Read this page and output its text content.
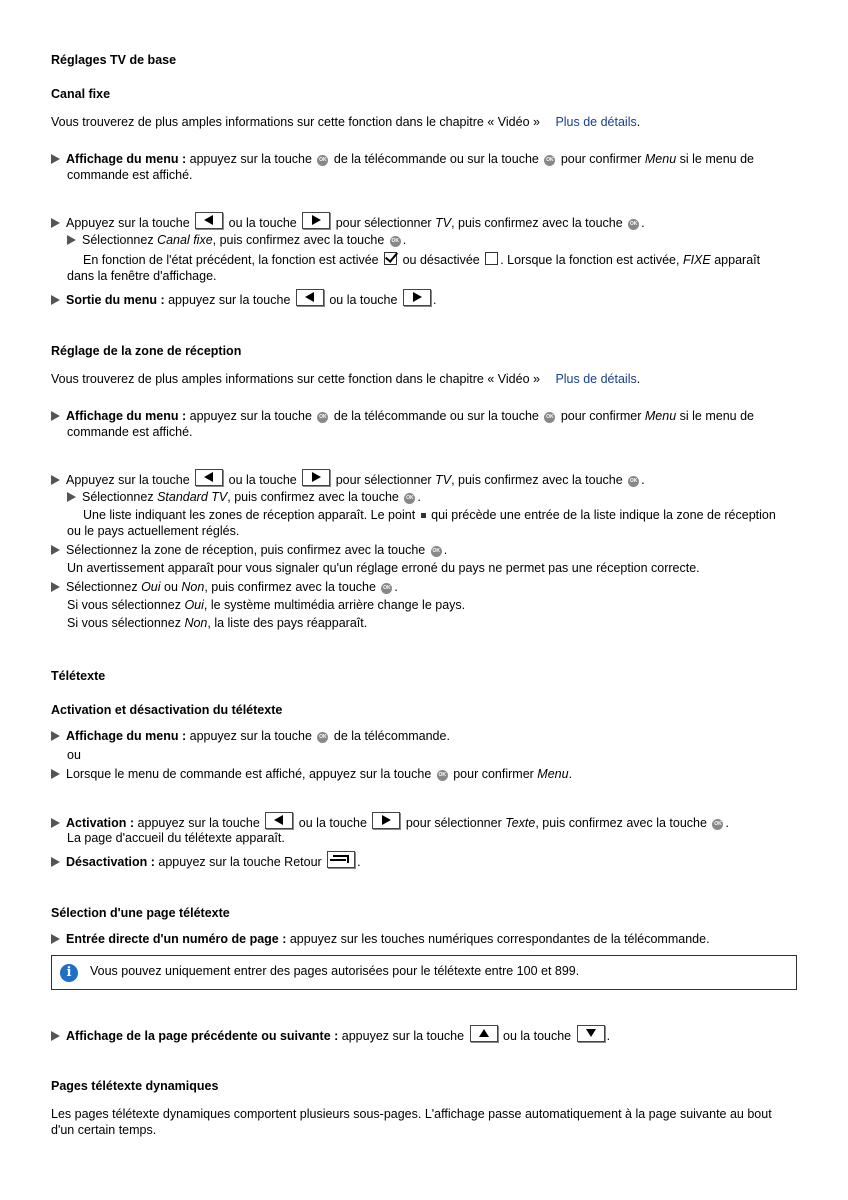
Réglages TV de base
Canal fixe
Vous trouverez de plus amples informations sur cette fonction dans le chapitre « Vidéo » Plus de détails.
Affichage du menu : appuyez sur la touche OK de la télécommande ou sur la touche OK pour confirmer Menu si le menu de
commande est affiché.
Appuyez sur la touche	ou la touche	pour sélectionner TV, puis confirmez avec la touche OK .
Sélectionnez Canal fixe, puis confirmez avec la touche OK .
En fonction de l'état précédent, la fonction est activée  ou désactivée . Lorsque la fonction est activée, FIXE apparaît
dans la fenêtre d'affichage.
Sortie du menu : appuyez sur la touche	ou la touche	.
Réglage de la zone de réception
Vous trouverez de plus amples informations sur cette fonction dans le chapitre « Vidéo » Plus de détails.
Affichage du menu : appuyez sur la touche OK de la télécommande ou sur la touche OK pour confirmer Menu si le menu de
commande est affiché.
Appuyez sur la touche	ou la touche	pour sélectionner TV, puis confirmez avec la touche OK .
Sélectionnez Standard TV, puis confirmez avec la touche OK .
Une liste indiquant les zones de réception apparaît. Le point  qui précède une entrée de la liste indique la zone de réception
ou le pays actuellement réglés.
Sélectionnez la zone de réception, puis confirmez avec la touche OK .
Un avertissement apparaît pour vous signaler qu'un réglage erroné du pays ne permet pas une réception correcte.
Sélectionnez Oui ou Non, puis confirmez avec la touche OK .
Si vous sélectionnez Oui, le système multimédia arrière change le pays.
Si vous sélectionnez Non, la liste des pays réapparaît.
Télétexte
Activation et désactivation du télétexte
Affichage du menu : appuyez sur la touche OK de la télécommande.
ou
Lorsque le menu de commande est affiché, appuyez sur la touche OK pour confirmer Menu.
Activation : appuyez sur la touche	ou la touche	pour sélectionner Texte, puis confirmez avec la touche OK .
La page d'accueil du télétexte apparaît.
Désactivation : appuyez sur la touche Retour	.
Sélection d'une page télétexte
Entrée directe d'un numéro de page : appuyez sur les touches numériques correspondantes de la télécommande.
i	Vous pouvez uniquement entrer des pages autorisées pour le télétexte entre 100 et 899.
Affichage de la page précédente ou suivante : appuyez sur la touche	ou la touche	.
Pages télétexte dynamiques
Les pages télétexte dynamiques comportent plusieurs sous-pages. L'affichage passe automatiquement à la page suivante au bout
d'un certain temps.
